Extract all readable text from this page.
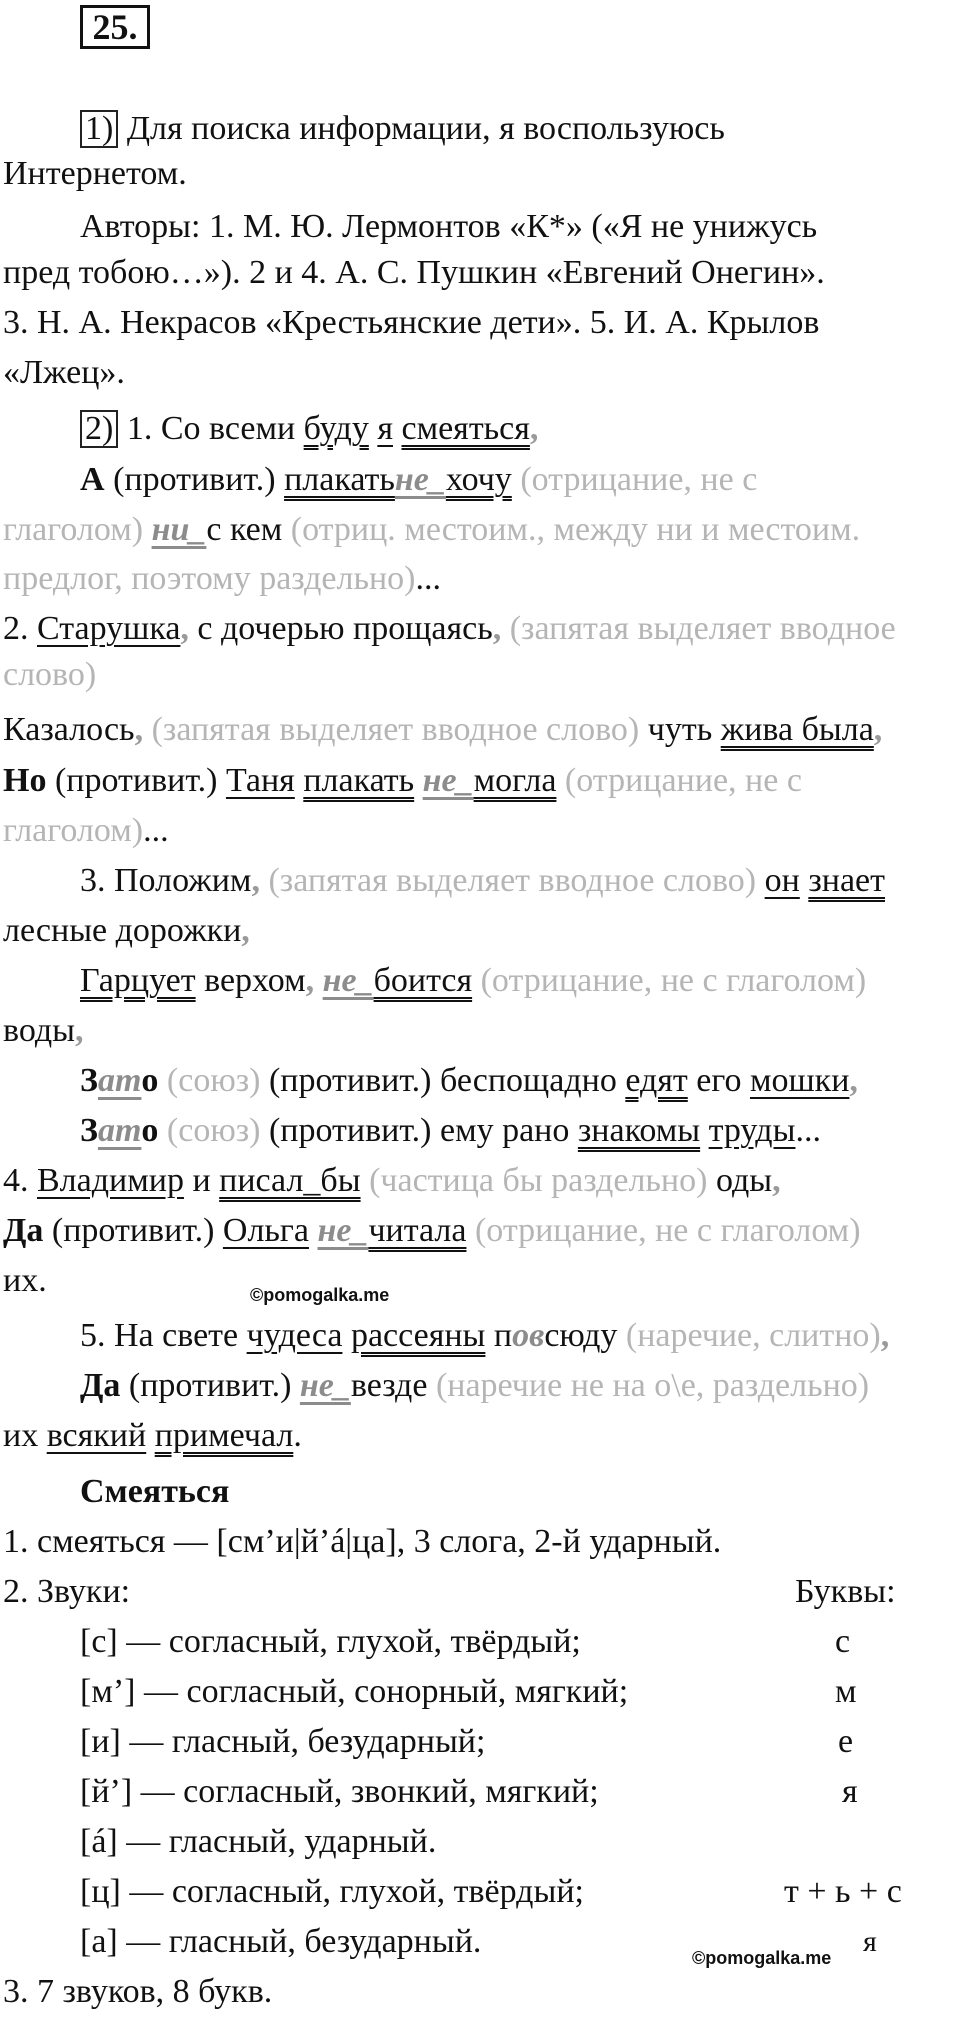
25.
1) Для поиска информации, я воспользуюсь
Интернетом.
Авторы: 1. М. Ю. Лермонтов «К*» («Я не унижусь
пред тобою…»). 2 и 4. А. С. Пушкин «Евгений Онегин».
3. Н. А. Некрасов «Крестьянские дети». 5. И. А. Крылов
«Лжец».
2) 1. Со всеми буду я смеяться,
А (противит.) плакатьне_хочу (отрицание, не с
глаголом) ни_с кем (отриц. местоим., между ни и местоим.
предлог, поэтому раздельно)...
2. Старушка, с дочерью прощаясь, (запятая выделяет вводное
слово)
Казалось, (запятая выделяет вводное слово) чуть жива была,
Но (противит.) Таня плакать не_могла (отрицание, не с
глаголом)...
3. Положим, (запятая выделяет вводное слово) он знает
лесные дорожки,
Гарцует верхом, не_боится (отрицание, не с глаголом)
воды,
Зато (союз) (противит.) беспощадно едят его мошки,
Зато (союз) (противит.) ему рано знакомы труды...
4. Владимир и писал_бы (частица бы раздельно) оды,
Да (противит.) Ольга не_читала (отрицание, не с глаголом)
их.	©pomogalka.me
5. На свете чудеса рассеяны повсюду (наречие, слитно),
Да (противит.) не_везде (наречие не на о\е, раздельно)
их всякий примечал.
Смеяться
1. смеяться — [см’и|й’á|ца], 3 слога, 2-й ударный.
2. Звуки:	Буквы:
[с] — согласный, глухой, твёрдый;	с
[м’] — согласный, сонорный, мягкий;	м
[и] — гласный, безударный;	е
[й’] — согласный, звонкий, мягкий;	я
[á] — гласный, ударный.
[ц] — согласный, глухой, твёрдый;	т + ь + с
[а] — гласный, безударный.	©pomogalka.me я
3. 7 звуков, 8 букв.
